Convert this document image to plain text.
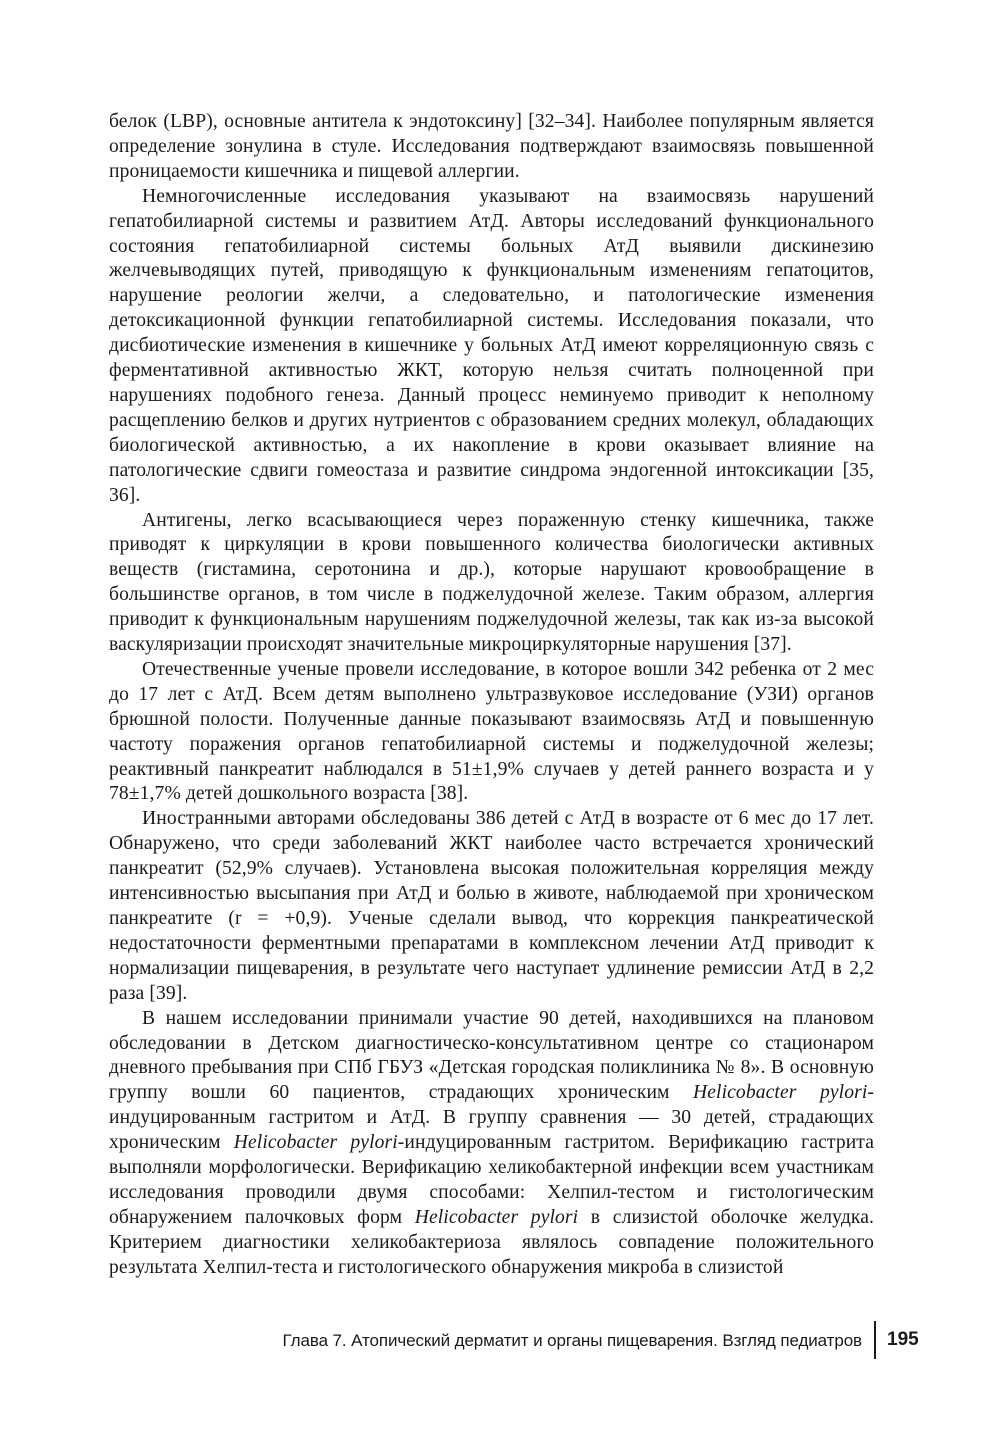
белок (LBP), основные антитела к эндотоксину] [32–34]. Наиболее популярным является определение зонулина в стуле. Исследования подтверждают взаимосвязь повышенной проницаемости кишечника и пищевой аллергии.

Немногочисленные исследования указывают на взаимосвязь нарушений гепатобилиарной системы и развитием АтД. Авторы исследований функционального состояния гепатобилиарной системы больных АтД выявили дискинезию желчевыводящих путей, приводящую к функциональным изменениям гепатоцитов, нарушение реологии желчи, а следовательно, и патологические изменения детоксикационной функции гепатобилиарной системы. Исследования показали, что дисбиотические изменения в кишечнике у больных АтД имеют корреляционную связь с ферментативной активностью ЖКТ, которую нельзя считать полноценной при нарушениях подобного генеза. Данный процесс неминуемо приводит к неполному расщеплению белков и других нутриентов с образованием средних молекул, обладающих биологической активностью, а их накопление в крови оказывает влияние на патологические сдвиги гомеостаза и развитие синдрома эндогенной интоксикации [35, 36].

Антигены, легко всасывающиеся через пораженную стенку кишечника, также приводят к циркуляции в крови повышенного количества биологически активных веществ (гистамина, серотонина и др.), которые нарушают кровообращение в большинстве органов, в том числе в поджелудочной железе. Таким образом, аллергия приводит к функциональным нарушениям поджелудочной железы, так как из-за высокой васкуляризации происходят значительные микроциркуляторные нарушения [37].

Отечественные ученые провели исследование, в которое вошли 342 ребенка от 2 мес до 17 лет с АтД. Всем детям выполнено ультразвуковое исследование (УЗИ) органов брюшной полости. Полученные данные показывают взаимосвязь АтД и повышенную частоту поражения органов гепатобилиарной системы и поджелудочной железы; реактивный панкреатит наблюдался в 51±1,9% случаев у детей раннего возраста и у 78±1,7% детей дошкольного возраста [38].

Иностранными авторами обследованы 386 детей с АтД в возрасте от 6 мес до 17 лет. Обнаружено, что среди заболеваний ЖКТ наиболее часто встречается хронический панкреатит (52,9% случаев). Установлена высокая положительная корреляция между интенсивностью высыпания при АтД и болью в животе, наблюдаемой при хроническом панкреатите (r = +0,9). Ученые сделали вывод, что коррекция панкреатической недостаточности ферментными препаратами в комплексном лечении АтД приводит к нормализации пищеварения, в результате чего наступает удлинение ремиссии АтД в 2,2 раза [39].

В нашем исследовании принимали участие 90 детей, находившихся на плановом обследовании в Детском диагностическо-консультативном центре со стационаром дневного пребывания при СПб ГБУЗ «Детская городская поликлиника № 8». В основную группу вошли 60 пациентов, страдающих хроническим Helicobacter pylori-индуцированным гастритом и АтД. В группу сравнения — 30 детей, страдающих хроническим Helicobacter pylori-индуцированным гастритом. Верификацию гастрита выполняли морфологически. Верификацию хеликобактерной инфекции всем участникам исследования проводили двумя способами: Хелпил-тестом и гистологическим обнаружением палочковых форм Helicobacter pylori в слизистой оболочке желудка. Критерием диагностики хеликобактериоза являлось совпадение положительного результата Хелпил-теста и гистологического обнаружения микроба в слизистой

Глава 7. Атопический дерматит и органы пищеварения. Взгляд педиатров 195
